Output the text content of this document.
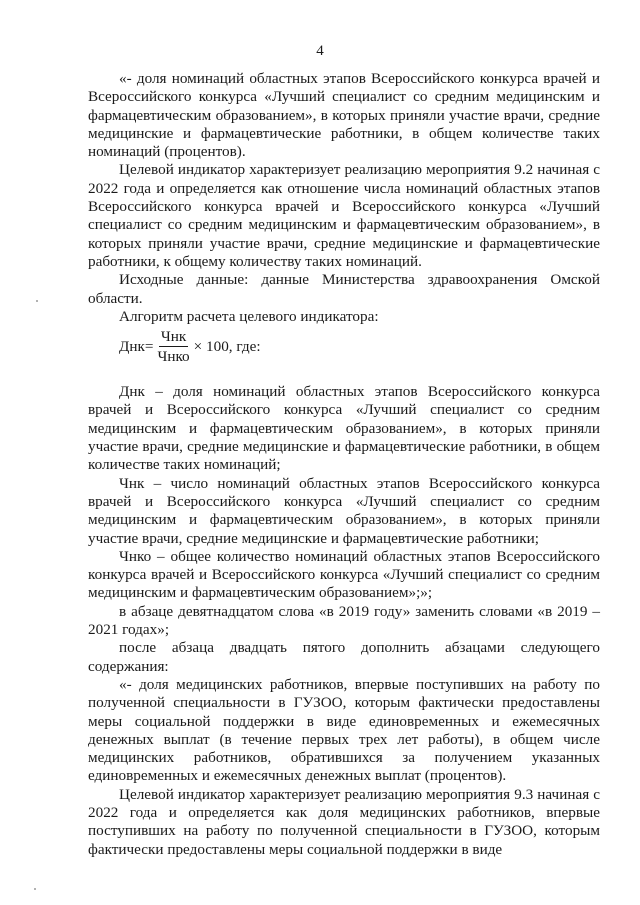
4

«- доля номинаций областных этапов Всероссийского конкурса врачей и Всероссийского конкурса «Лучший специалист со средним медицинским и фармацевтическим образованием», в которых приняли участие врачи, средние медицинские и фармацевтические работники, в общем количестве таких номинаций (процентов).

Целевой индикатор характеризует реализацию мероприятия 9.2 начиная с 2022 года и определяется как отношение числа номинаций областных этапов Всероссийского конкурса врачей и Всероссийского конкурса «Лучший специалист со средним медицинским и фармацевтическим образованием», в которых приняли участие врачи, средние медицинские и фармацевтические работники, к общему количеству таких номинаций.

Исходные данные: данные Министерства здравоохранения Омской области.

Алгоритм расчета целевого индикатора:

Днк = $\frac{\text{Чнк}}{\text{Чнко}} \times 100$, где:

Днк – доля номинаций областных этапов Всероссийского конкурса врачей и Всероссийского конкурса «Лучший специалист со средним медицинским и фармацевтическим образованием», в которых приняли участие врачи, средние медицинские и фармацевтические работники, в общем количестве таких номинаций;

Чнк – число номинаций областных этапов Всероссийского конкурса врачей и Всероссийского конкурса «Лучший специалист со средним медицинским и фармацевтическим образованием», в которых приняли участие врачи, средние медицинские и фармацевтические работники;

Чнко – общее количество номинаций областных этапов Всероссийского конкурса врачей и Всероссийского конкурса «Лучший специалист со средним медицинским и фармацевтическим образованием»;»;

в абзаце девятнадцатом слова «в 2019 году» заменить словами «в 2019 – 2021 годах»;

после абзаца двадцать пятого дополнить абзацами следующего содержания:

«- доля медицинских работников, впервые поступивших на работу по полученной специальности в ГУЗОО, которым фактически предоставлены меры социальной поддержки в виде единовременных и ежемесячных денежных выплат (в течение первых трех лет работы), в общем числе медицинских работников, обратившихся за получением указанных единовременных и ежемесячных денежных выплат (процентов).

Целевой индикатор характеризует реализацию мероприятия 9.3 начиная с 2022 года и определяется как доля медицинских работников, впервые поступивших на работу по полученной специальности в ГУЗОО, которым фактически предоставлены меры социальной поддержки в виде
